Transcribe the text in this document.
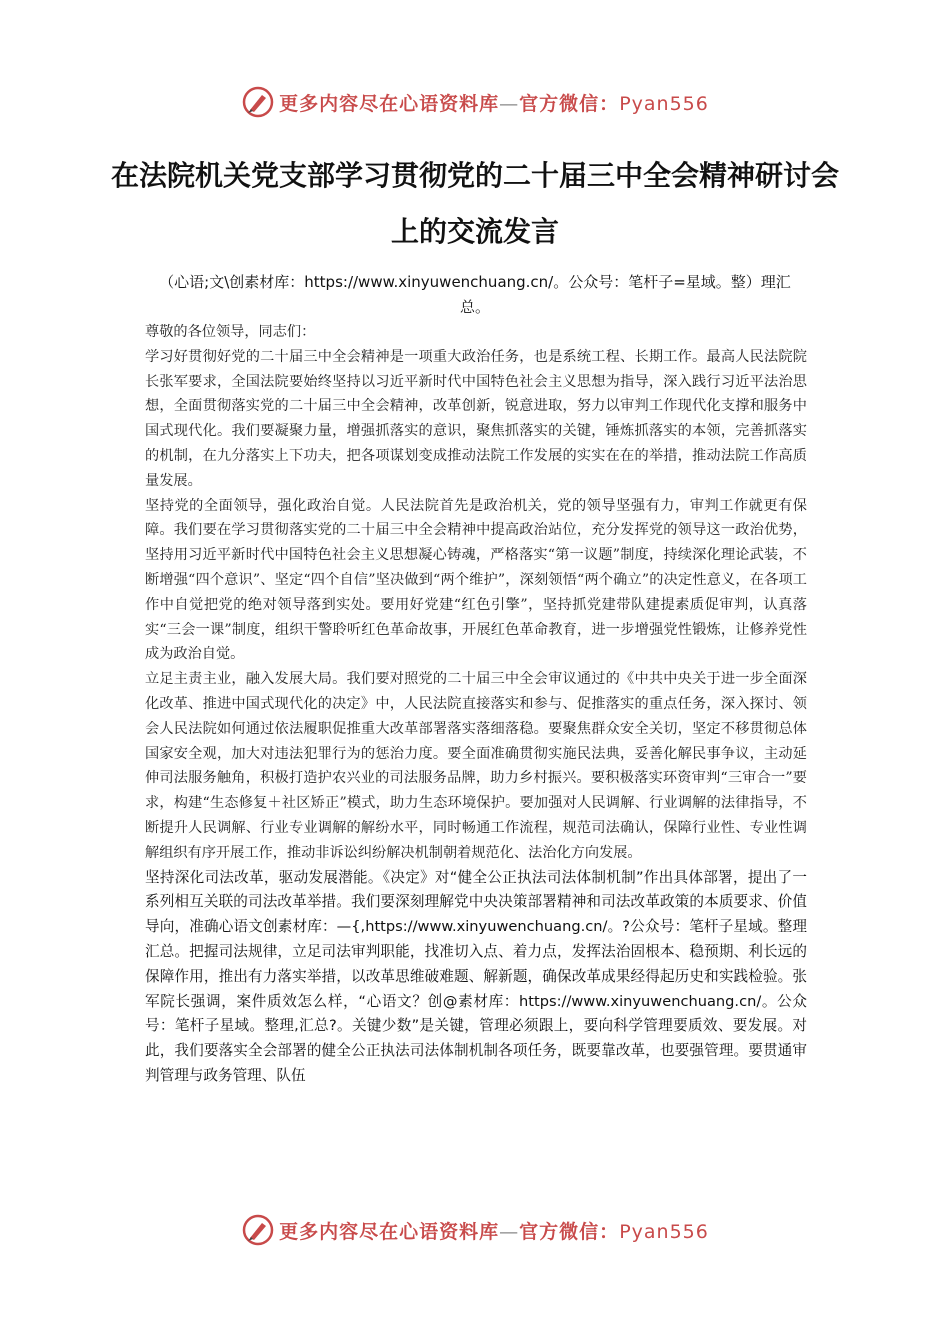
更多内容尽在心语资料库—官方微信：Pyan556
在法院机关党支部学习贯彻党的二十届三中全会精神研讨会上的交流发言
（心语;文\创素材库：https://www.xinyuwenchuang.cn/。公众号：笔杆子=星域。整）理汇总。

尊敬的各位领导，同志们：

学习好贯彻好党的二十届三中全会精神是一项重大政治任务，也是系统工程、长期工作。最高人民法院院长张军要求，全国法院要始终坚持以习近平新时代中国特色社会主义思想为指导，深入践行习近平法治思想，全面贯彻落实党的二十届三中全会精神，改革创新，锐意进取，努力以审判工作现代化支撑和服务中国式现代化。我们要凝聚力量，增强抓落实的意识，聚焦抓落实的关键，锤炼抓落实的本领，完善抓落实的机制，在九分落实上下功夫，把各项谋划变成推动法院工作发展的实实在在的举措，推动法院工作高质量发展。

坚持党的全面领导，强化政治自觉。人民法院首先是政治机关，党的领导坚强有力，审判工作就更有保障。我们要在学习贯彻落实党的二十届三中全会精神中提高政治站位，充分发挥党的领导这一政治优势，坚持用习近平新时代中国特色社会主义思想凝心铸魂，严格落实“第一议题”制度，持续深化理论武装，不断增强“四个意识”、坚定“四个自信”坚决做到“两个维护”，深刻领悟“两个确立”的决定性意义，在各项工作中自觉把党的绝对领导落到实处。要用好党建“红色引擎”，坚持抓党建带队建提素质促审判，认真落实“三会一课”制度，组织干警聆听红色革命故事，开展红色革命教育，进一步增强党性锻炼，让修养党性成为政治自觉。

立足主责主业，融入发展大局。我们要对照党的二十届三中全会审议通过的《中共中央关于进一步全面深化改革、推进中国式现代化的决定》中，人民法院直接落实和参与、促推落实的重点任务，深入探讨、领会人民法院如何通过依法履职促推重大改革部署落实落细落稳。要聚焦群众安全关切，坚定不移贯彻总体国家安全观，加大对违法犯罪行为的惩治力度。要全面准确贯彻实施民法典，妥善化解民事争议，主动延伸司法服务触角，积极打造护农兴业的司法服务品牌，助力乡村振兴。要积极落实环资审判“三审合一”要求，构建“生态修复＋社区矫正”模式，助力生态环境保护。要加强对人民调解、行业调解的法律指导，不断提升人民调解、行业专业调解的解纷水平，同时畅通工作流程，规范司法确认，保障行业性、专业性调解组织有序开展工作，推动非诉讼纠纷解决机制朝着规范化、法治化方向发展。

坚持深化司法改革，驱动发展潜能。《决定》对“健全公正执法司法体制机制”作出具体部署，提出了一系列相互关联的司法改革举措。我们要深刻理解党中央决策部署精神和司法改革政策的本质要求、价值导向，准确心语文创素材库：—{,https://www.xinyuwenchuang.cn/。?公众号：笔杆子星域。整理汇总。把握司法规律，立足司法审判职能，找准切入点、着力点，发挥法治固根本、稳预期、利长远的保障作用，推出有力落实举措，以改革思维破难题、解新题，确保改革成果经得起历史和实践检验。张军院长强调，案件质效怎么样，“心语文？创@素材库：https://www.xinyuwenchuang.cn/。公众号：笔杆子星域。整理,汇总?。关键少数”是关键，管理必须跟上，要向科学管理要质效、要发展。对此，我们要落实全会部署的健全公正执法司法体制机制各项任务，既要靠改革，也要强管理。要贯通审判管理与政务管理、队伍

更多内容尽在心语资料库—官方微信：Pyan556
